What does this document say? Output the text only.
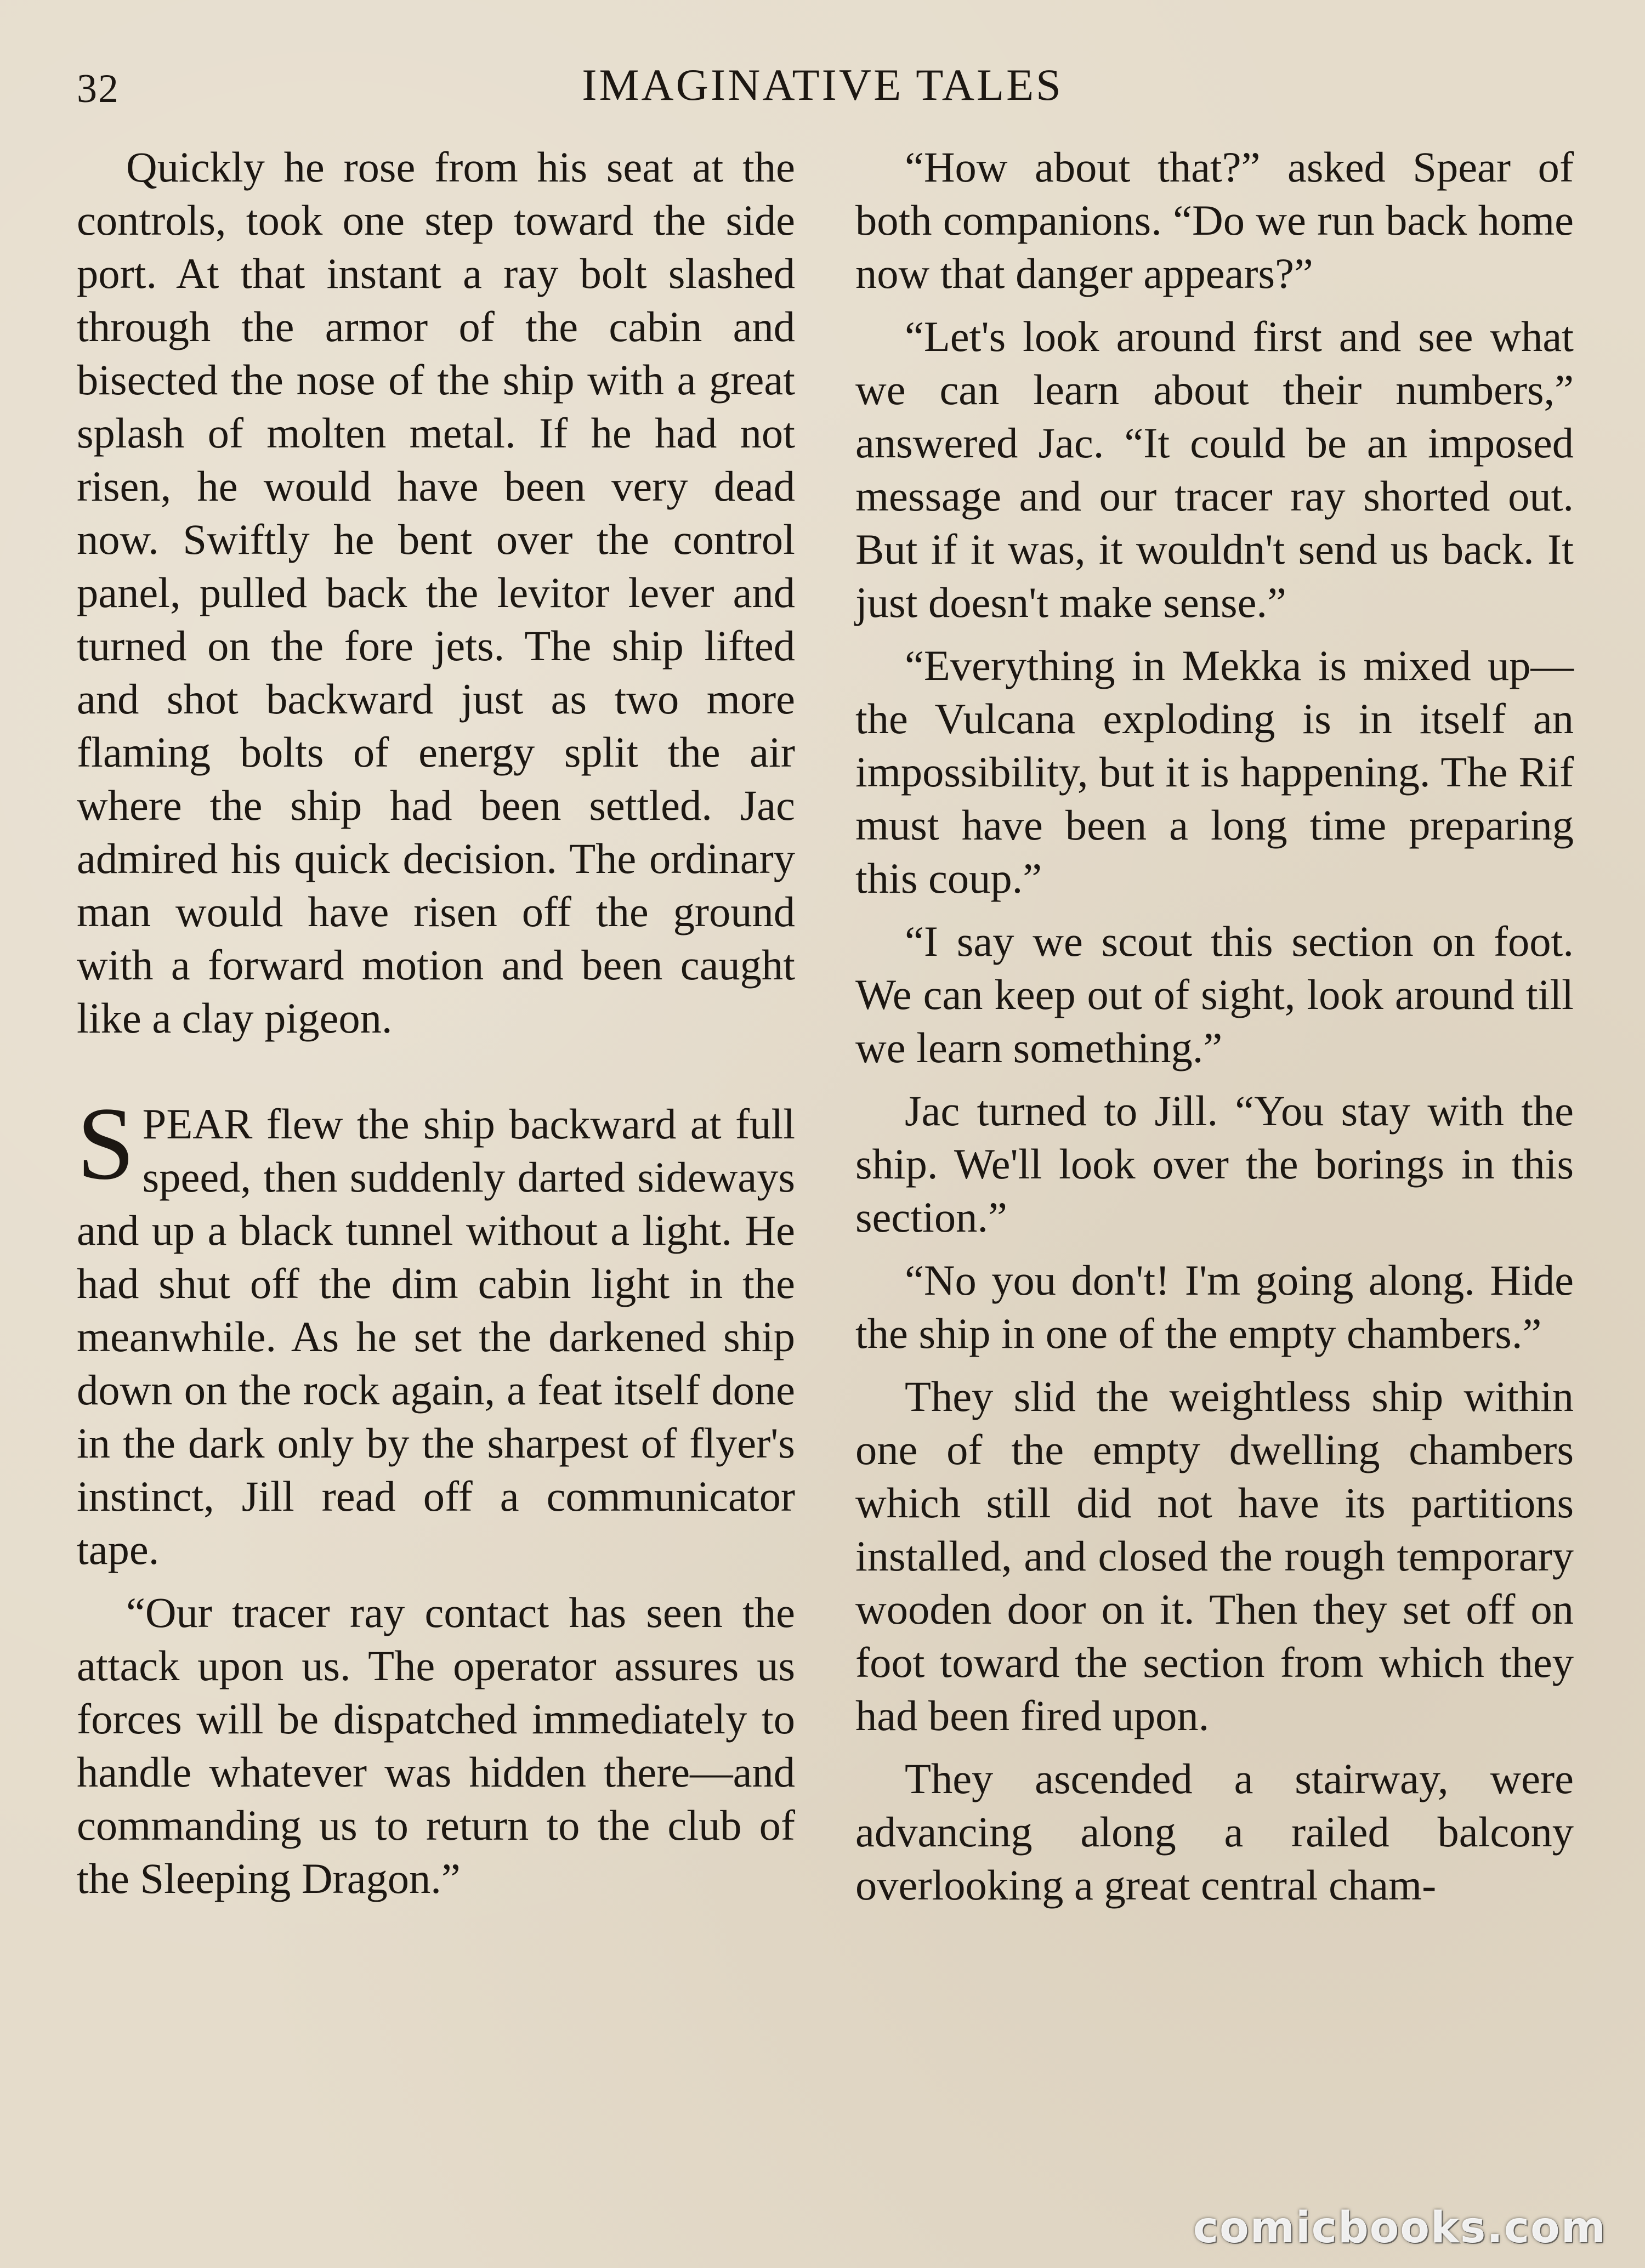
32	IMAGINATIVE TALES

Quickly he rose from his seat at the controls, took one step toward the side port. At that instant a ray bolt slashed through the armor of the cabin and bisected the nose of the ship with a great splash of molten metal. If he had not risen, he would have been very dead now. Swiftly he bent over the control panel, pulled back the levitor lever and turned on the fore jets. The ship lifted and shot backward just as two more flaming bolts of energy split the air where the ship had been settled. Jac admired his quick decision. The ordinary man would have risen off the ground with a forward motion and been caught like a clay pigeon.

SPEAR flew the ship backward at full speed, then suddenly darted sideways and up a black tunnel without a light. He had shut off the dim cabin light in the meanwhile. As he set the darkened ship down on the rock again, a feat itself done in the dark only by the sharpest of flyer's instinct, Jill read off a communicator tape.

“Our tracer ray contact has seen the attack upon us. The operator assures us forces will be dispatched immediately to handle whatever was hidden there—and commanding us to return to the club of the Sleeping Dragon.”

“How about that?” asked Spear of both companions. “Do we run back home now that danger appears?”

“Let's look around first and see what we can learn about their numbers,” answered Jac. “It could be an imposed message and our tracer ray shorted out. But if it was, it wouldn't send us back. It just doesn't make sense.”

“Everything in Mekka is mixed up— the Vulcana exploding is in itself an impossibility, but it is happening. The Rif must have been a long time preparing this coup.”

“I say we scout this section on foot. We can keep out of sight, look around till we learn something.”

Jac turned to Jill. “You stay with the ship. We'll look over the borings in this section.”

“No you don't! I'm going along. Hide the ship in one of the empty chambers.”

They slid the weightless ship within one of the empty dwelling chambers which still did not have its partitions installed, and closed the rough temporary wooden door on it. Then they set off on foot toward the section from which they had been fired upon.

They ascended a stairway, were advancing along a railed balcony overlooking a great central cham-

comicbooks.com
